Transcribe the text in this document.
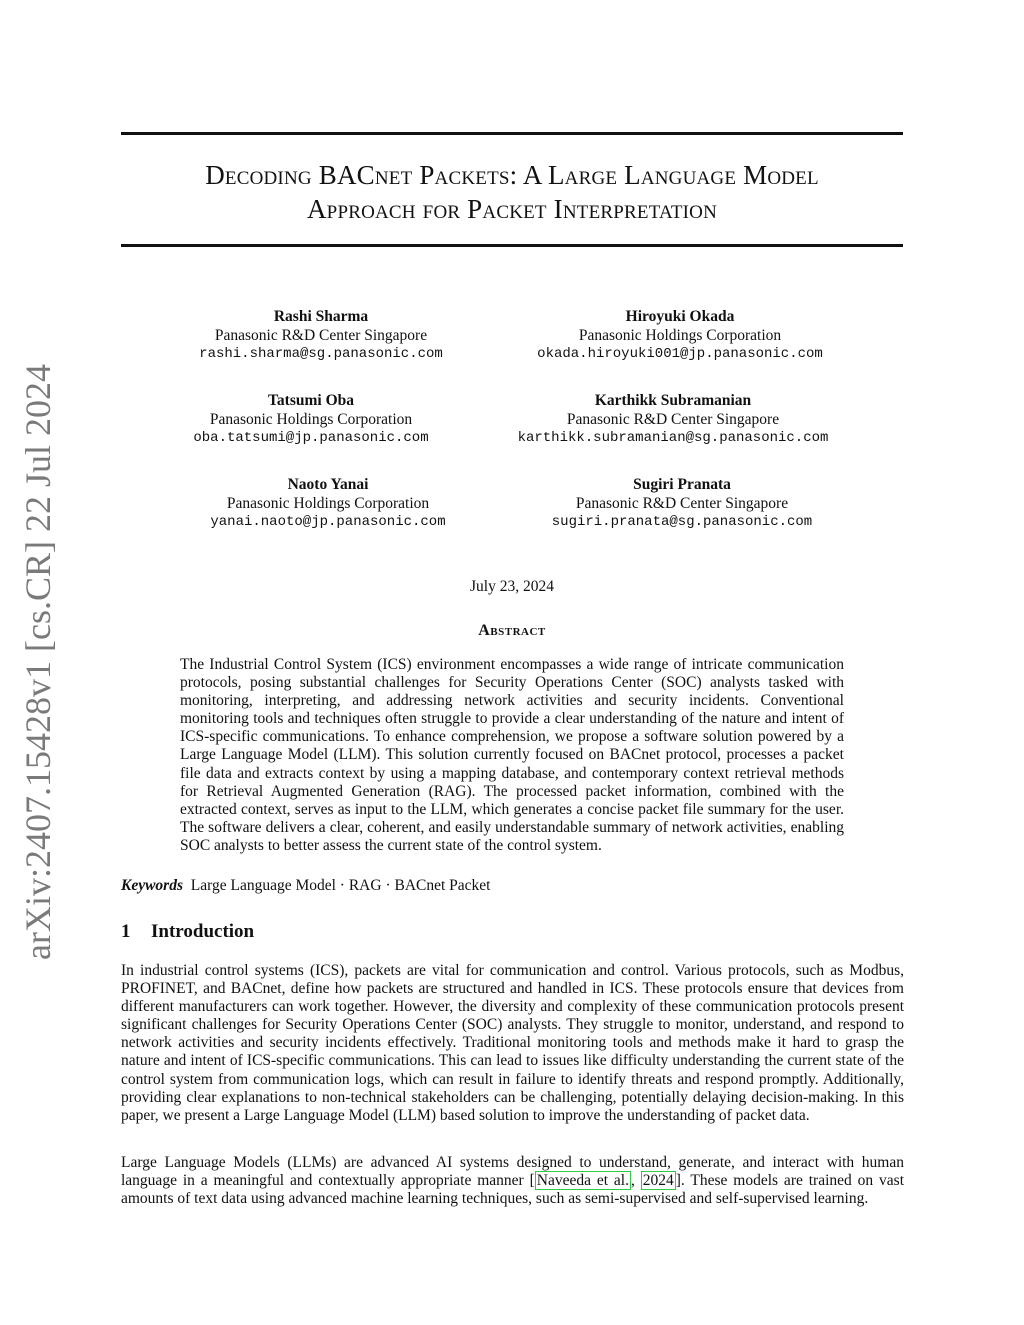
arXiv:2407.15428v1 [cs.CR] 22 Jul 2024
Decoding BACnet Packets: A Large Language Model
Approach for Packet Interpretation
Rashi Sharma
Panasonic R&D Center Singapore
rashi.sharma@sg.panasonic.com
Hiroyuki Okada
Panasonic Holdings Corporation
okada.hiroyuki001@jp.panasonic.com
Tatsumi Oba
Panasonic Holdings Corporation
oba.tatsumi@jp.panasonic.com
Karthikk Subramanian
Panasonic R&D Center Singapore
karthikk.subramanian@sg.panasonic.com
Naoto Yanai
Panasonic Holdings Corporation
yanai.naoto@jp.panasonic.com
Sugiri Pranata
Panasonic R&D Center Singapore
sugiri.pranata@sg.panasonic.com
July 23, 2024
Abstract

The Industrial Control System (ICS) environment encompasses a wide range of intricate communication protocols, posing substantial challenges for Security Operations Center (SOC) analysts tasked with monitoring, interpreting, and addressing network activities and security incidents. Conventional monitoring tools and techniques often struggle to provide a clear understanding of the nature and intent of ICS-specific communications. To enhance comprehension, we propose a software solution powered by a Large Language Model (LLM). This solution currently focused on BACnet protocol, processes a packet file data and extracts context by using a mapping database, and contemporary context retrieval methods for Retrieval Augmented Generation (RAG). The processed packet information, combined with the extracted context, serves as input to the LLM, which generates a concise packet file summary for the user. The software delivers a clear, coherent, and easily understandable summary of network activities, enabling SOC analysts to better assess the current state of the control system.

Keywords Large Language Model · RAG · BACnet Packet
1 Introduction

In industrial control systems (ICS), packets are vital for communication and control. Various protocols, such as Modbus, PROFINET, and BACnet, define how packets are structured and handled in ICS. These protocols ensure that devices from different manufacturers can work together. However, the diversity and complexity of these communication protocols present significant challenges for Security Operations Center (SOC) analysts. They struggle to monitor, understand, and respond to network activities and security incidents effectively. Traditional monitoring tools and methods make it hard to grasp the nature and intent of ICS-specific communications. This can lead to issues like difficulty understanding the current state of the control system from communication logs, which can result in failure to identify threats and respond promptly. Additionally, providing clear explanations to non-technical stakeholders can be challenging, potentially delaying decision-making. In this paper, we present a Large Language Model (LLM) based solution to improve the understanding of packet data.

Large Language Models (LLMs) are advanced AI systems designed to understand, generate, and interact with human language in a meaningful and contextually appropriate manner [ Naveeda et al. , 2024 ]. These models are trained on vast amounts of text data using advanced machine learning techniques, such as semi-supervised and self-supervised learning.
